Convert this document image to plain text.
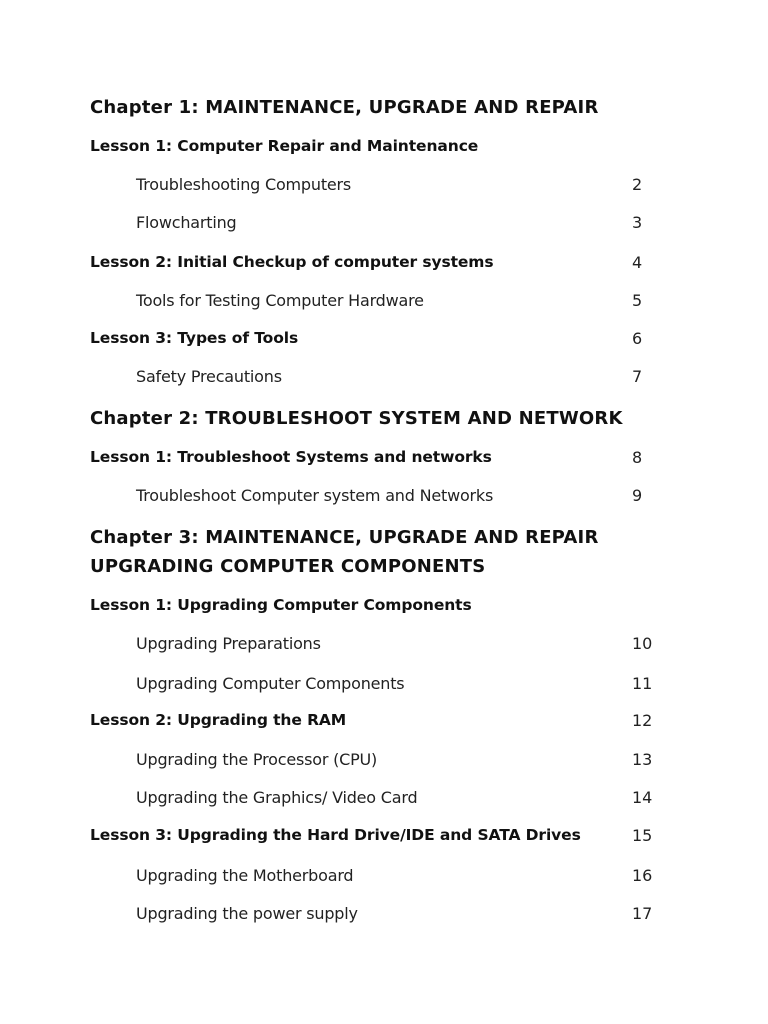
Chapter 1: MAINTENANCE, UPGRADE AND REPAIR
Lesson 1: Computer Repair and Maintenance
Troubleshooting Computers	2
Flowcharting	3
Lesson 2: Initial Checkup of computer systems	4
Tools for Testing Computer Hardware	5
Lesson 3: Types of Tools	6
Safety Precautions	7
Chapter 2: TROUBLESHOOT SYSTEM AND NETWORK
Lesson 1: Troubleshoot Systems and networks	8
Troubleshoot Computer system and Networks	9
Chapter 3: MAINTENANCE, UPGRADE AND REPAIR
UPGRADING COMPUTER COMPONENTS
Lesson 1: Upgrading Computer Components
Upgrading Preparations	10
Upgrading Computer Components	11
Lesson 2: Upgrading the RAM	12
Upgrading the Processor (CPU)	13
Upgrading the Graphics/ Video Card	14
Lesson 3: Upgrading the Hard Drive/IDE and SATA Drives	15
Upgrading the Motherboard	16
Upgrading the power supply	17
